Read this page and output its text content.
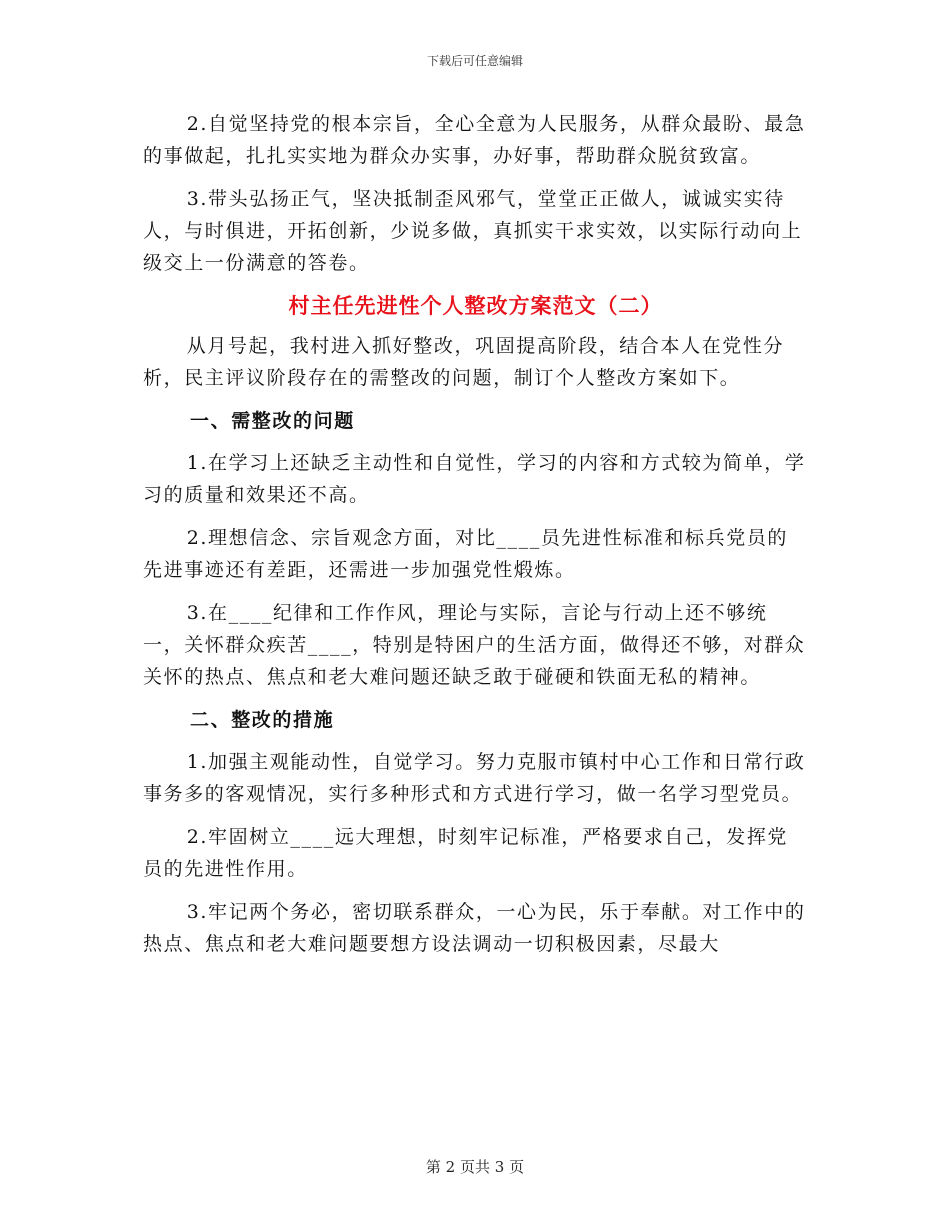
下载后可任意编辑

2.自觉坚持党的根本宗旨，全心全意为人民服务，从群众最盼、最急的事做起，扎扎实实地为群众办实事，办好事，帮助群众脱贫致富。

3.带头弘扬正气，坚决抵制歪风邪气，堂堂正正做人，诚诚实实待人，与时俱进，开拓创新，少说多做，真抓实干求实效，以实际行动向上级交上一份满意的答卷。

村主任先进性个人整改方案范文（二）

从月号起，我村进入抓好整改，巩固提高阶段，结合本人在党性分析，民主评议阶段存在的需整改的问题，制订个人整改方案如下。

一、需整改的问题

1.在学习上还缺乏主动性和自觉性，学习的内容和方式较为简单，学习的质量和效果还不高。

2.理想信念、宗旨观念方面，对比____员先进性标准和标兵党员的先进事迹还有差距，还需进一步加强党性煅炼。

3.在____纪律和工作作风，理论与实际，言论与行动上还不够统一，关怀群众疾苦____，特别是特困户的生活方面，做得还不够，对群众关怀的热点、焦点和老大难问题还缺乏敢于碰硬和铁面无私的精神。

二、整改的措施

1.加强主观能动性，自觉学习。努力克服市镇村中心工作和日常行政事务多的客观情况，实行多种形式和方式进行学习，做一名学习型党员。

2.牢固树立____远大理想，时刻牢记标准，严格要求自己，发挥党员的先进性作用。

3.牢记两个务必，密切联系群众，一心为民，乐于奉献。对工作中的热点、焦点和老大难问题要想方设法调动一切积极因素，尽最大

第 2 页共 3 页
